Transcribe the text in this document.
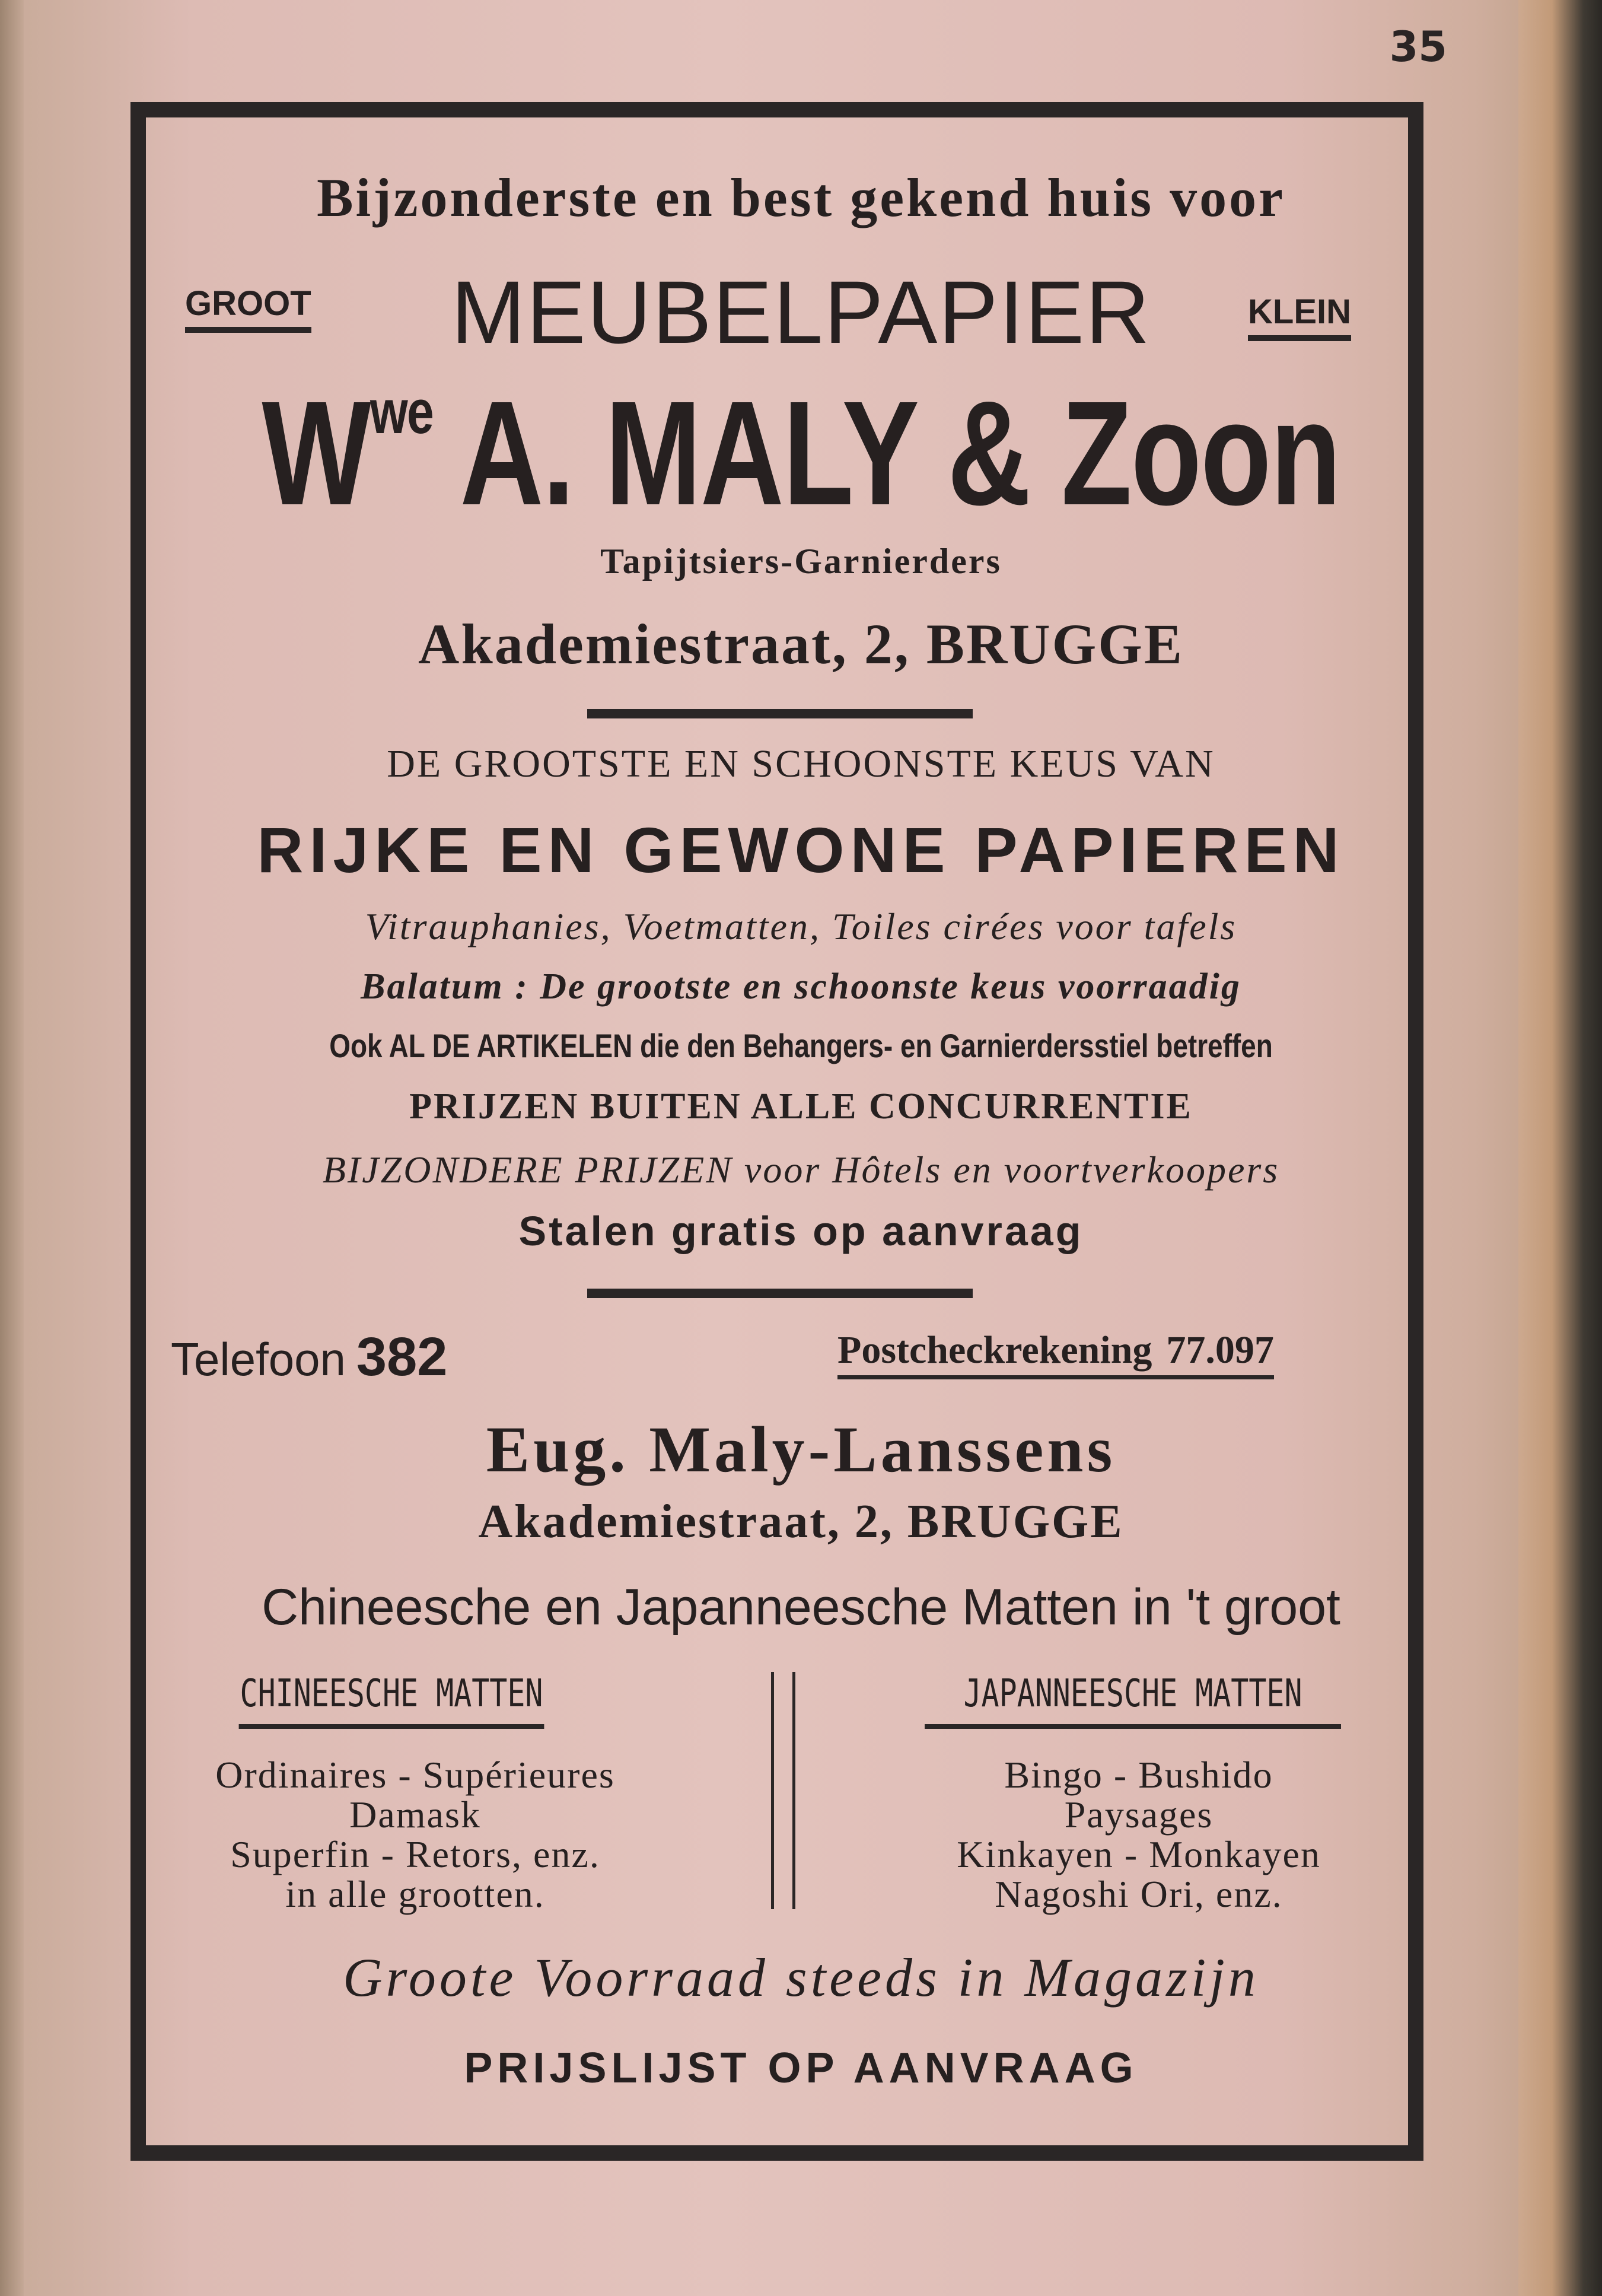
35
Bijzonderste en best gekend huis voor
GROOT	MEUBELPAPIER	KLEIN
$W^{we}$ A. MALY & Zoon
Tapijtsiers-Garnierders
Akademiestraat, 2, BRUGGE
DE GROOTSTE EN SCHOONSTE KEUS VAN
RIJKE EN GEWONE PAPIEREN
Vitrauphanies, Voetmatten, Toiles cirées voor tafels
Balatum : De grootste en schoonste keus voorraadig
Ook AL DE ARTIKELEN die den Behangers- en Garnierdersstiel betreffen
PRIJZEN BUITEN ALLE CONCURRENTIE
BIJZONDERE PRIJZEN voor Hôtels en voortverkoopers
Stalen gratis op aanvraag
Telefoon 382	Postcheckrekening 77.097
Eug. Maly-Lanssens
Akademiestraat, 2, BRUGGE
Chineesche en Japanneesche Matten in 't groot
CHINEESCHE MATTEN	JAPANNEESCHE MATTEN
Ordinaires - Supérieures
Damask
Superfin - Retors, enz.
in alle grootten.
Bingo - Bushido
Paysages
Kinkayen - Monkayen
Nagoshi Ori, enz.
Groote Voorraad steeds in Magazijn
PRIJSLIJST OP AANVRAAG
